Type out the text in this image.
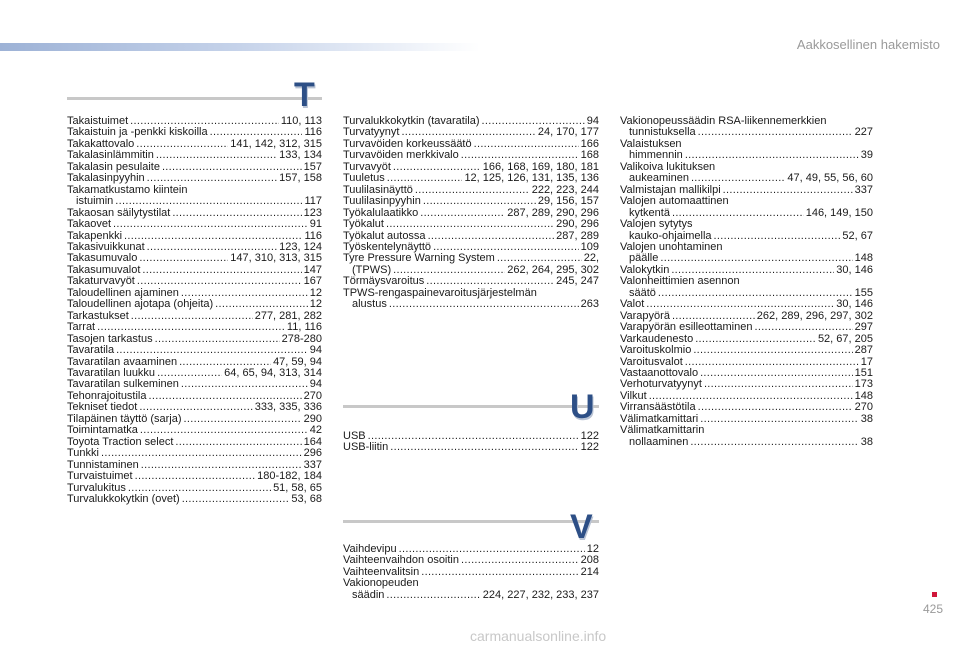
Aakkosellinen hakemisto
T
U
V
Takaistuimet .....	110, 113
Takaistuin ja -penkki kiskoilla .....	116
Takakattovalo .....	141, 142, 312, 315
Takalasinlämmitin .....	133, 134
Takalasin pesulaite .....	157
Takalasinpyyhin .....	157, 158
Takamatkustamo kiintein
istuimin .....	117
Takaosan säilytystilat .....	123
Takaovet .....	91
Takapenkki .....	116
Takasivuikkunat .....	123, 124
Takasumuvalo .....	147, 310, 313, 315
Takasumuvalot .....	147
Takaturvavyöt .....	167
Taloudellinen ajaminen .....	12
Taloudellinen ajotapa (ohjeita) .....	12
Tarkastukset .....	277, 281, 282
Tarrat .....	11, 116
Tasojen tarkastus .....	278-280
Tavaratila .....	94
Tavaratilan avaaminen .....	47, 59, 94
Tavaratilan luukku .....	64, 65, 94, 313, 314
Tavaratilan sulkeminen .....	94
Tehonrajoitustila .....	270
Tekniset tiedot .....	333, 335, 336
Tilapäinen täyttö (sarja) .....	290
Toimintamatka .....	42
Toyota Traction select .....	164
Tunkki .....	296
Tunnistaminen .....	337
Turvaistuimet .....	180-182, 184
Turvalukitus .....	51, 58, 65
Turvalukkokytkin (ovet) .....	53, 68
Turvalukkokytkin (tavaratila) .....	94
Turvatyynyt .....	24, 170, 177
Turvavöiden korkeussäätö .....	166
Turvavöiden merkkivalo .....	168
Turvavyöt .....	166, 168, 169, 180, 181
Tuuletus .....	12, 125, 126, 131, 135, 136
Tuulilasinäyttö .....	222, 223, 244
Tuulilasinpyyhin .....	29, 156, 157
Työkalulaatikko .....	287, 289, 290, 296
Työkalut .....	290, 296
Työkalut autossa .....	287, 289
Työskentelynäyttö .....	109
Tyre Pressure Warning System .....	22,
(TPWS) .....	262, 264, 295, 302
Törmäysvaroitus .....	245, 247
TPWS-rengaspainevaroitusjärjestelmän
alustus .....	263
USB .....	122
USB-liitin .....	122
Vaihdevipu .....	12
Vaihteenvaihdon osoitin .....	208
Vaihteenvalitsin .....	214
Vakionopeuden
säädin .....	224, 227, 232, 233, 237
Vakionopeussäädin RSA-liikennemerkkien
tunnistuksella .....	227
Valaistuksen
himmennin .....	39
Valikoiva lukituksen
aukeaminen .....	47, 49, 55, 56, 60
Valmistajan mallikilpi .....	337
Valojen automaattinen
kytkentä .....	146, 149, 150
Valojen sytytys
kauko-ohjaimella .....	52, 67
Valojen unohtaminen
päälle .....	148
Valokytkin .....	30, 146
Valonheittimien asennon
säätö .....	155
Valot .....	30, 146
Varapyörä .....	262, 289, 296, 297, 302
Varapyörän esilleottaminen .....	297
Varkaudenesto .....	52, 67, 205
Varoituskolmio .....	287
Varoitusvalot .....	17
Vastaanottovalo .....	151
Verhoturvatyynyt .....	173
Vilkut .....	148
Virransäästötila .....	270
Välimatkamittari .....	38
Välimatkamittarin
nollaaminen .....	38
425
carmanualsonline.info
